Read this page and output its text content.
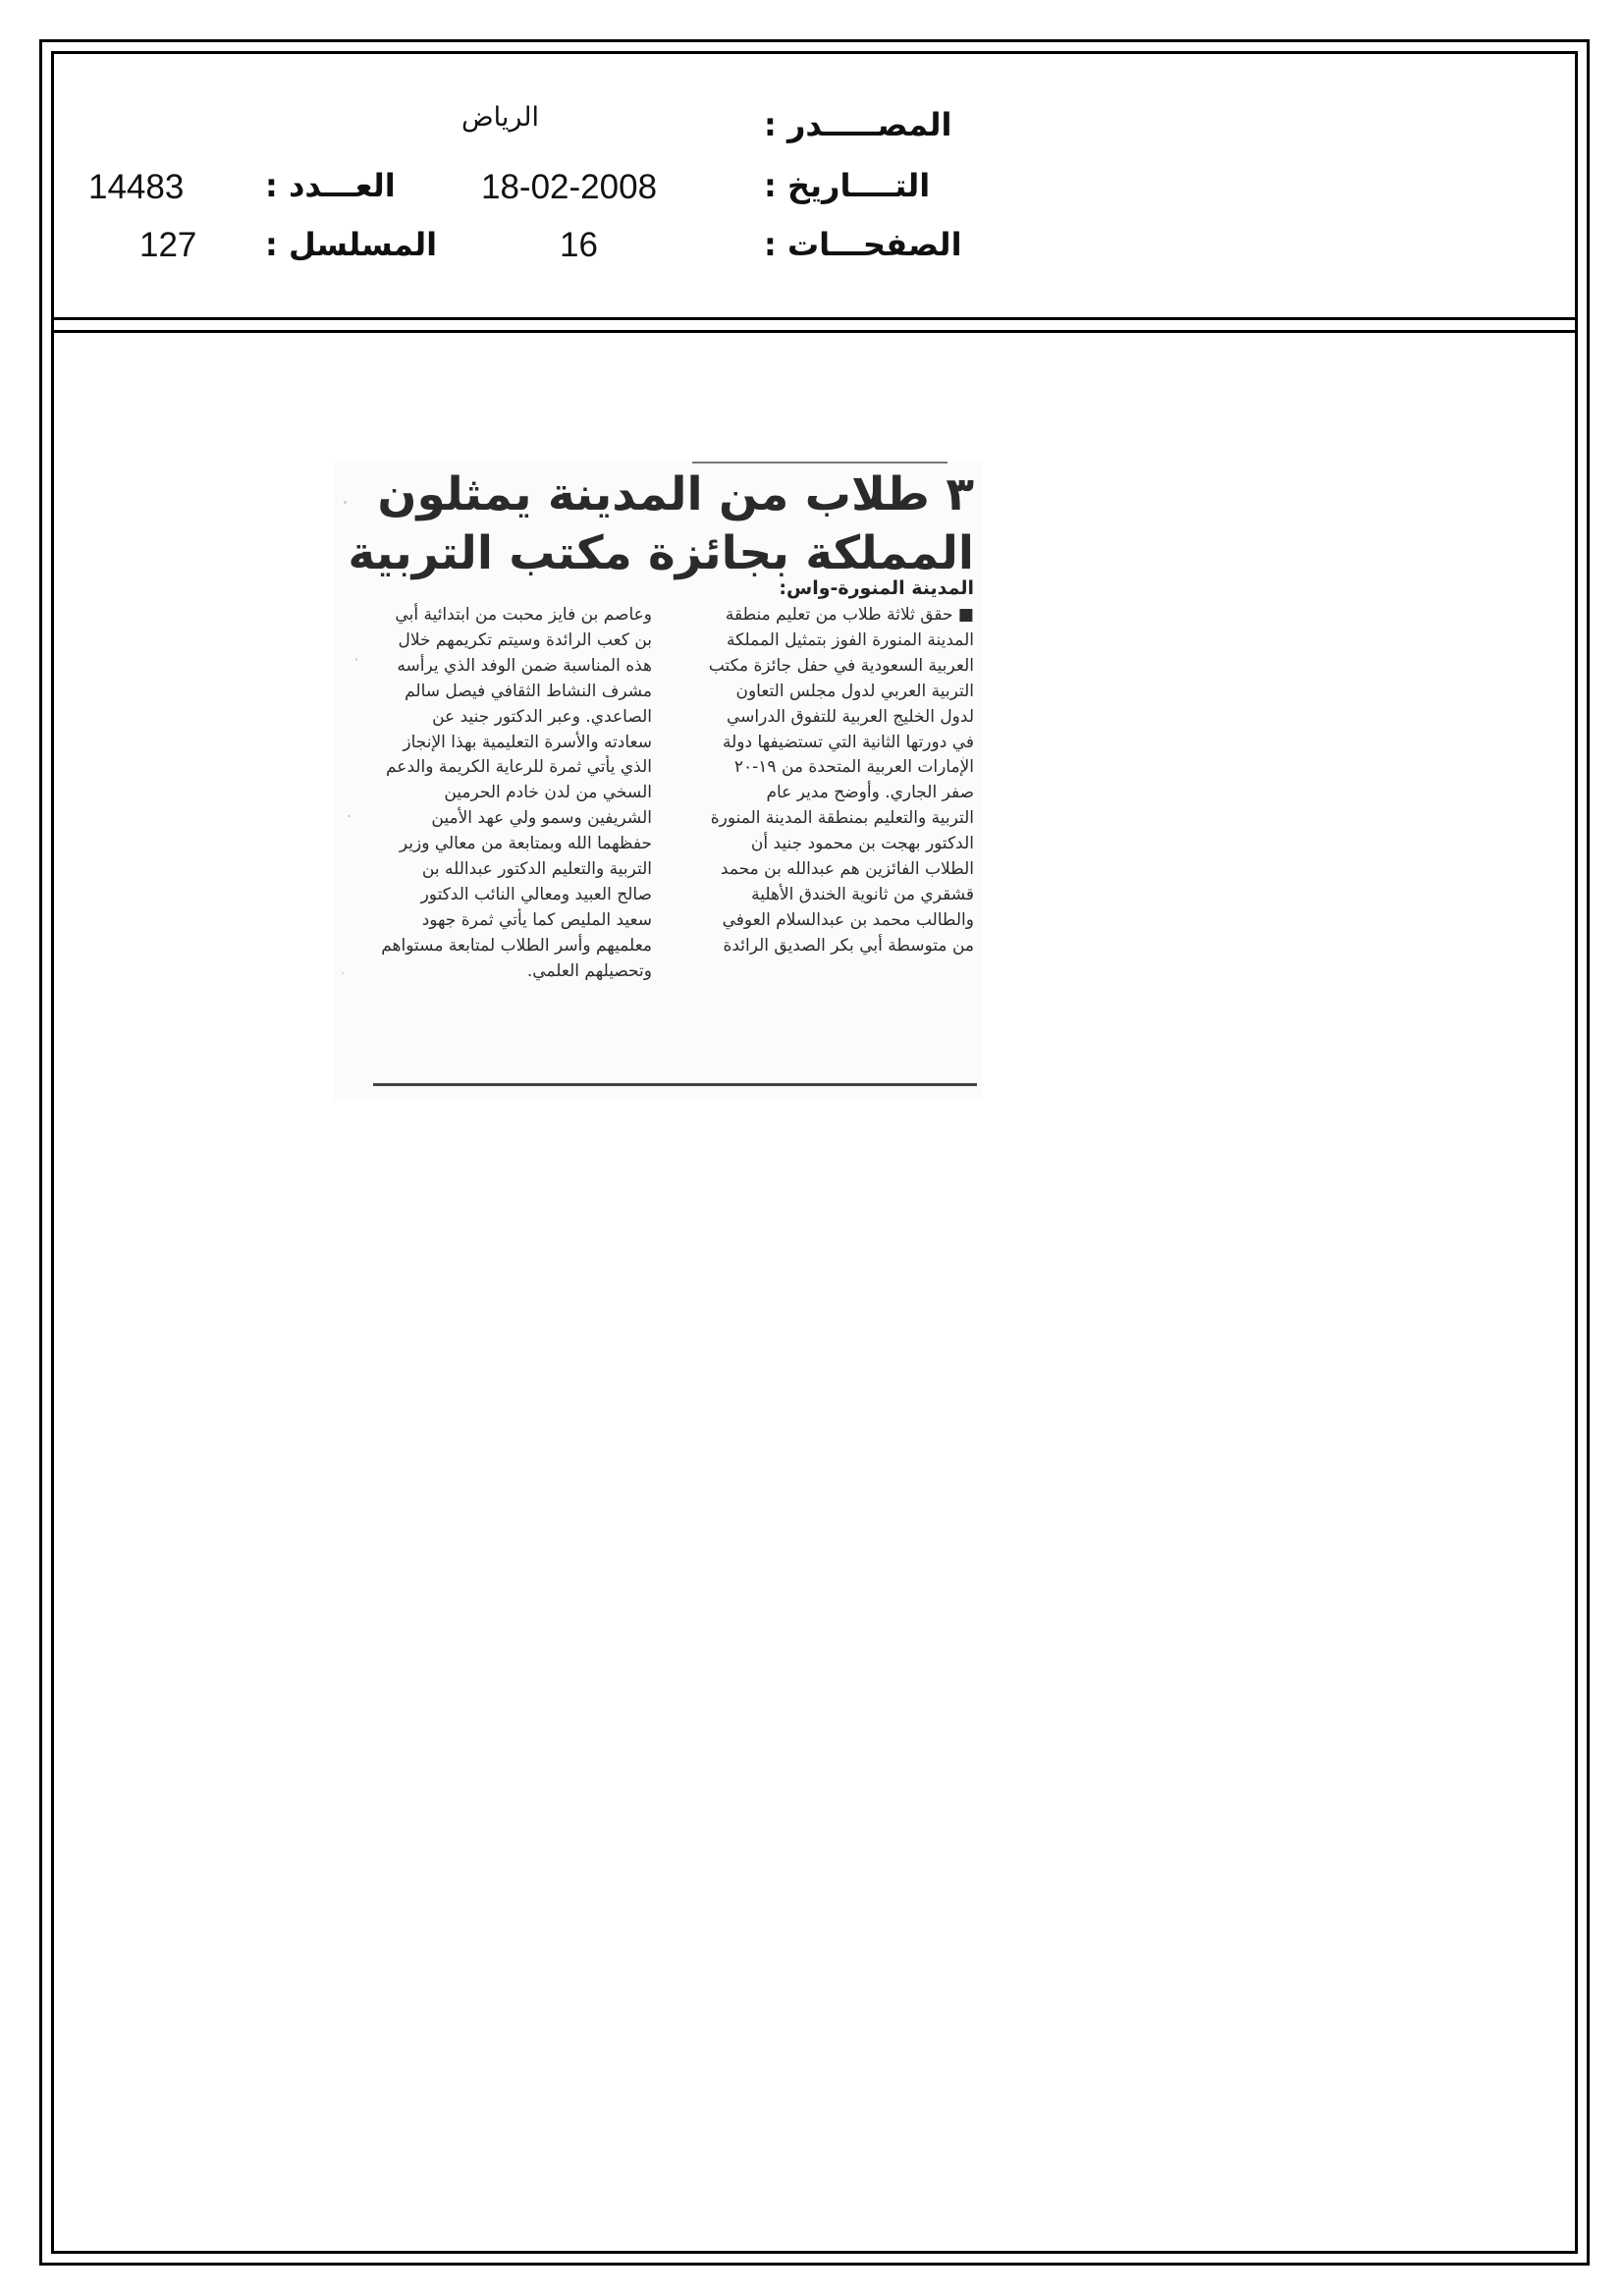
المصـــــدر :
الرياض
التــــاريخ :
18-02-2008
العـــدد :
14483
الصفحـــات :
16
المسلسل :
127
٣ طلاب من المدينة يمثلون
المملكة بجائزة مكتب التربية
المدينة المنورة-واس:
■ حقق ثلاثة طلاب من تعليم منطقة
المدينة المنورة الفوز بتمثيل المملكة
العربية السعودية في حفل جائزة مكتب
التربية العربي لدول مجلس التعاون
لدول الخليج العربية للتفوق الدراسي
في دورتها الثانية التي تستضيفها دولة
الإمارات العربية المتحدة من ١٩-٢٠
صفر الجاري. وأوضح مدير عام
التربية والتعليم بمنطقة المدينة المنورة
الدكتور بهجت بن محمود جنيد أن
الطلاب الفائزين هم عبدالله بن محمد
قشقري من ثانوية الخندق الأهلية
والطالب محمد بن عبدالسلام العوفي
من متوسطة أبي بكر الصديق الرائدة
وعاصم بن فايز محبت من ابتدائية أبي
بن كعب الرائدة وسيتم تكريمهم خلال
هذه المناسبة ضمن الوفد الذي يرأسه
مشرف النشاط الثقافي فيصل سالم
الصاعدي. وعبر الدكتور جنيد عن
سعادته والأسرة التعليمية بهذا الإنجاز
الذي يأتي ثمرة للرعاية الكريمة والدعم
السخي من لدن خادم الحرمين
الشريفين وسمو ولي عهد الأمين
حفظهما الله وبمتابعة من معالي وزير
التربية والتعليم الدكتور عبدالله بن
صالح العبيد ومعالي النائب الدكتور
سعيد المليص كما يأتي ثمرة جهود
معلميهم وأسر الطلاب لمتابعة مستواهم
وتحصيلهم العلمي.
